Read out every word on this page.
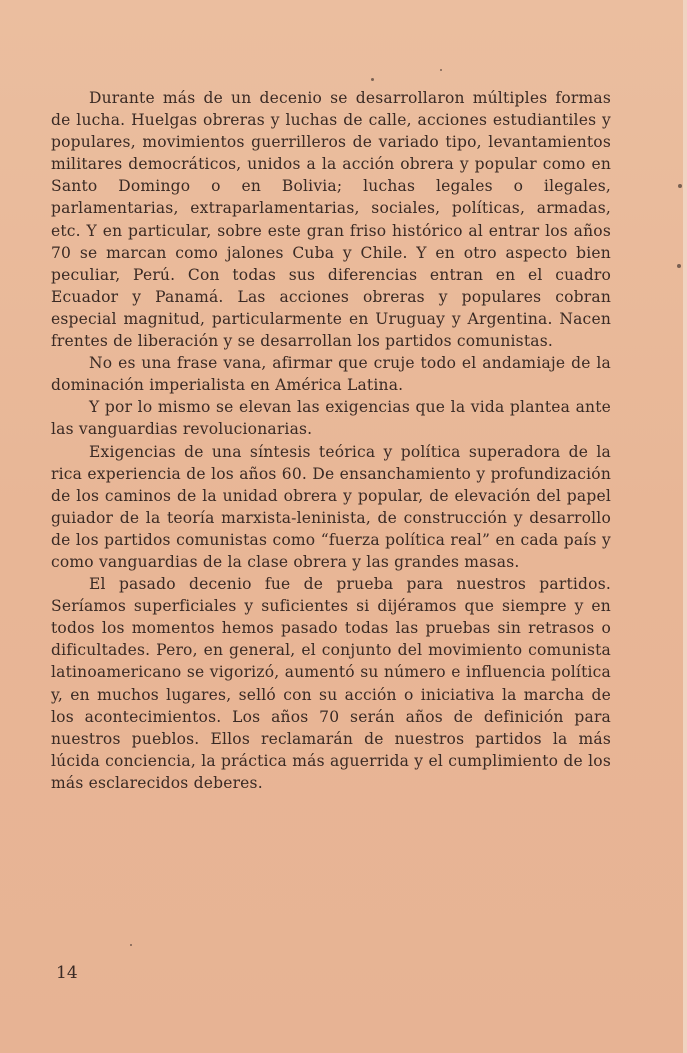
Durante más de un decenio se desarrollaron múltiples formas de lucha. Huelgas obreras y luchas de calle, acciones estudiantiles y populares, movimientos guerrilleros de variado tipo, levantamientos militares democráticos, unidos a la acción obrera y popular como en Santo Domingo o en Bolivia; luchas legales o ilegales, parlamentarias, extraparlamentarias, sociales, políticas, armadas, etc. Y en particular, sobre este gran friso histórico al entrar los años 70 se marcan como jalones Cuba y Chile. Y en otro aspecto bien peculiar, Perú. Con todas sus diferencias entran en el cuadro Ecuador y Panamá. Las acciones obreras y populares cobran especial magnitud, particularmente en Uruguay y Argentina. Nacen frentes de liberación y se desarrollan los partidos comunistas.

No es una frase vana, afirmar que cruje todo el andamiaje de la dominación imperialista en América Latina.

Y por lo mismo se elevan las exigencias que la vida plantea ante las vanguardias revolucionarias.

Exigencias de una síntesis teórica y política superadora de la rica experiencia de los años 60. De ensanchamiento y profundización de los caminos de la unidad obrera y popular, de elevación del papel guiador de la teoría marxista-leninista, de construcción y desarrollo de los partidos comunistas como “fuerza política real” en cada país y como vanguardias de la clase obrera y las grandes masas.

El pasado decenio fue de prueba para nuestros partidos. Seríamos superficiales y suficientes si dijéramos que siempre y en todos los momentos hemos pasado todas las pruebas sin retrasos o dificultades. Pero, en general, el conjunto del movimiento comunista latinoamericano se vigorizó, aumentó su número e influencia política y, en muchos lugares, selló con su acción o iniciativa la marcha de los acontecimientos. Los años 70 serán años de definición para nuestros pueblos. Ellos reclamarán de nuestros partidos la más lúcida conciencia, la práctica más aguerrida y el cumplimiento de los más esclarecidos deberes.

14
